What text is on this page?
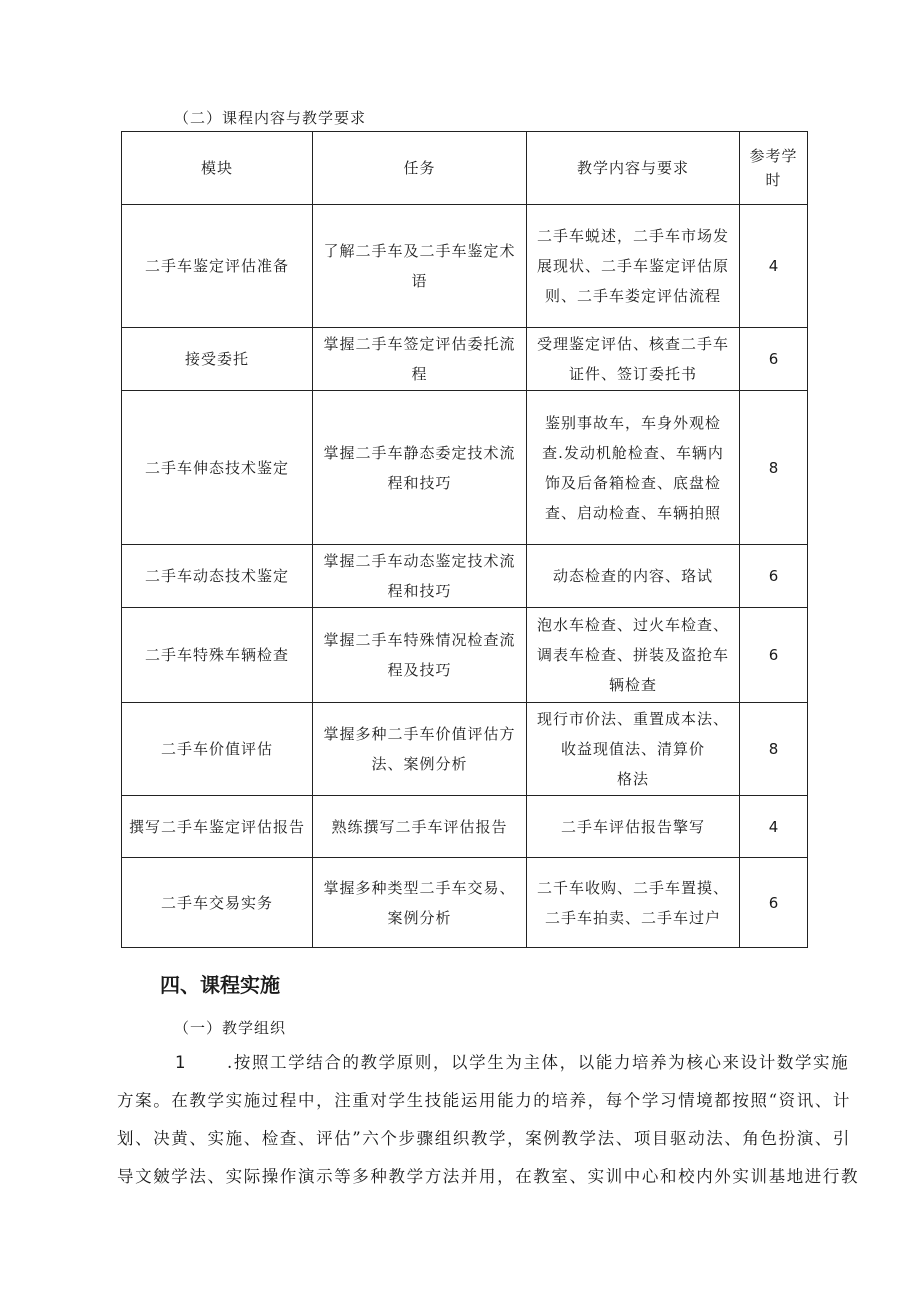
（二）课程内容与教学要求
模块	任务	教学内容与要求	参考学时
二手车鉴定评估准备	了解二手车及二手车鉴定术语	二手车蜕述，二手车市场发
展现状、二手车鉴定评估原
则、二手车娄定评估流程	4
接受委托	掌握二手车签定评估委托流程	受理鉴定评估、核查二手车
证件、签订委托书	6
二手车伸态技术鉴定	掌握二手车静态委定技术流程和技巧	鉴别事故车，车身外观检
查.发动机舱检查、车辆内
饰及后备箱检查、底盘检
查、启动检查、车辆拍照	8
二手车动态技术鉴定	掌握二手车动态鉴定技术流程和技巧	动态检查的内容、珞试	6
二手车特殊车辆检查	掌握二手车特殊情况检查流程及技巧	泡水车检查、过火车检查、
调表车检查、拼装及盗抢车
辆检查	6
二手车价值评估	掌握多种二手车价值评估方法、案例分析	现行市价法、重置成本法、
收益现值法、清算价
格法	8
撰写二手车鉴定评估报告	熟练撰写二手车评估报告	二手车评估报告擎写	4
二手车交易实务	掌握多种类型二手车交易、案例分析	二千车收购、二手车置摸、
二手车拍卖、二手车过户	6
四、课程实施
（一）教学组织
1 .按照工学结合的教学原则，以学生为主体，以能力培养为核心来设计数学实施
方案。在教学实施过程中，注重对学生技能运用能力的培养，每个学习情境都按照“资讯、计
划、决黄、实施、检查、评估”六个步骤组织教学，案例教学法、项目驱动法、角色扮演、引
导文皴学法、实际操作演示等多种教学方法并用，在教室、实训中心和校内外实训基地进行教
